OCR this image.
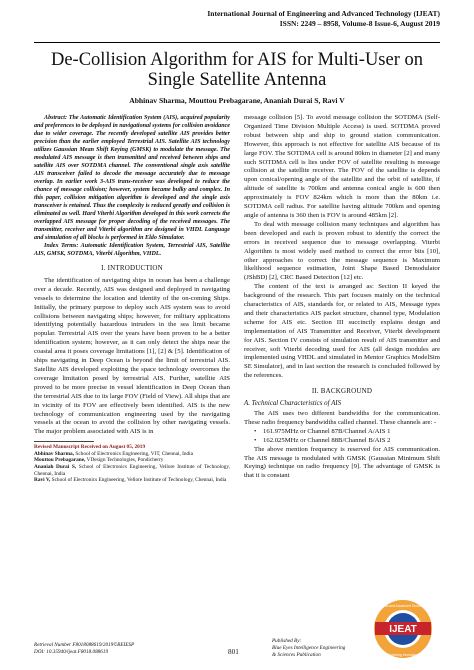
International Journal of Engineering and Advanced Technology (IJEAT)
ISSN: 2249 – 8958, Volume-8 Issue-6, August 2019
De-Collision Algorithm for AIS for Multi-User on Single Satellite Antenna
Abhinav Sharma, Mouttou Prebagarane, Ananiah Durai S, Ravi V

Abstract: The Automatic Identification System (AIS), acquired popularity and preferences to be deployed in navigational systems for collision avoidance due to wider coverage. The recently developed satellite AIS provides better precision than the earlier employed Terrestrial AIS. Satellite AIS technology utilizes Gaussian Mean Shift Keying (GMSK) to modulate the message. The modulated AIS message is then transmitted and received between ships and satellite AIS over SOTDMA channel. The conventional single axis satellite AIS transceiver failed to decode the message accurately due to message overlap. In earlier work 3-AIS trans-receiver was developed to reduce the chance of message collision; however, system became bulky and complex. In this paper, collision mitigation algorithm is developed and the single axis transceiver is retained. Thus the complexity is reduced greatly and collision is eliminated as well. Hard Viterbi Algorithm developed in this work corrects the overlapped AIS message for proper decoding of the received messages. The transmitter, receiver and Viterbi algorithm are designed in VHDL Language and simulation of all blocks is performed in Eldo Simulator.

Index Terms: Automatic Identification System, Terrestrial AIS, Satellite AIS, GMSK, SOTDMA, Viterbi Algorithm, VHDL.

I. INTRODUCTION

The identification of navigating ships in ocean has been a challenge over a decade. Recently, AIS was designed and deployed in navigating vessels to determine the location and identity of the on-coming Ships. Initially, the primary purpose to deploy such AIS system was to avoid collisions between navigating ships; however, for military applications identifying potentially hazardous intruders in the sea limit became popular. Terrestrial AIS over the years have been proven to be a better identification system; however, as it can only detect the ships near the coastal area it poses coverage limitations [1], [2] & [5]. Identification of ships navigating in Deep Ocean is beyond the limit of terrestrial AIS. Satellite AIS developed exploiting the space technology overcomes the coverage limitation posed by terrestrial AIS. Further, satellite AIS proved to be more precise in vessel identification in Deep Ocean than the terrestrial AIS due to its large FOV (Field of View). All ships that are in vicinity of its FOV are effectively been identified. AIS is the new technology of communication engineering used by the navigating vessels at the ocean to avoid the collision by other navigating vessels. The major problem associated with AIS is in

Revised Manuscript Received on August 05, 2019

Abhinav Sharma, School of Electronics Engineering, VIT, Chennai, India

Mouttou Prebagarane, VDesign Technologies, Pondicherry

Ananiah Durai S, School of Electronics Engineering, Vellore Institute of Technology, Chennai, India

Ravi V, School of Electronics Engineering, Vellore Institute of Technology, Chennai, India

message collision [5]. To avoid message collision the SOTDMA (Self-Organized Time Division Multiple Access) is used. SOTDMA proved robust between ship and ship to ground station communication. However, this approach is not effective for satellite AIS because of its large FOV. The SOTDMA cell is around 80km in diameter [2] and many such SOTDMA cell is lies under FOV of satellite resulting is message collision at the satellite receiver. The FOV of the satellite is depends upon conical/opening angle of the satellite and the orbit of satellite, if altitude of satellite is 700km and antenna conical angle is 600 then approximately is FOV 824km which is more than the 80km i.e. SOTDMA cell radius. For satellite having altitude 700km and opening angle of antenna is 360 then is FOV is around 485km [2].

To deal with message collision many techniques and algorithm has been developed and each is proven robust to identify the correct the errors in received sequence due to message overlapping. Viterbi Algorithm is most widely used method to correct the error bits [10], other approaches to correct the message sequence is Maximum likelihood sequence estimation, Joint Shape Based Demodulator (JShBD) [2], CRC Based Detection [12] etc.

The content of the text is arranged as: Section II keyed the background of the research. This part focuses mainly on the technical characteristics of AIS, standards for, or related to AIS, Message types and their characteristics AIS packet structure, channel type, Modulation scheme for AIS etc. Section III succinctly explains design and implementation of AIS Transmitter and Receiver, Viterbi development for AIS. Section IV consists of simulation result of AIS transmitter and receiver, soft Viterbi decoding used for AIS (all design modules are implemented using VHDL and simulated in Mentor Graphics ModelSim SE Simulator), and in last section the research is concluded followed by the references.

II. BACKGROUND
A. Technical Characteristics of AIS

The AIS uses two different bandwidths for the communication. These radio frequency bandwidths called channel. These channels are: -

• 161.975MHz or Channel 87B/Channel A/AIS 1
• 162.025MHz or Channel 88B/Channel B/AIS 2

The above mention frequency is reserved for AIS communication. The AIS message is modulated with GMSK (Gaussian Minimum Shift Keying) technique on radio frequency [9]. The advantage of GMSK is that it is constant

Retrieval Number F8018088619/2019©BEIESP
DOI: 10.35940/ijeat.F8018.088619	801
Published By:
Blue Eyes Intelligence Engineering
& Sciences Publication
IJEAT
Journal and Advanced Technology
Exploring Innovation
